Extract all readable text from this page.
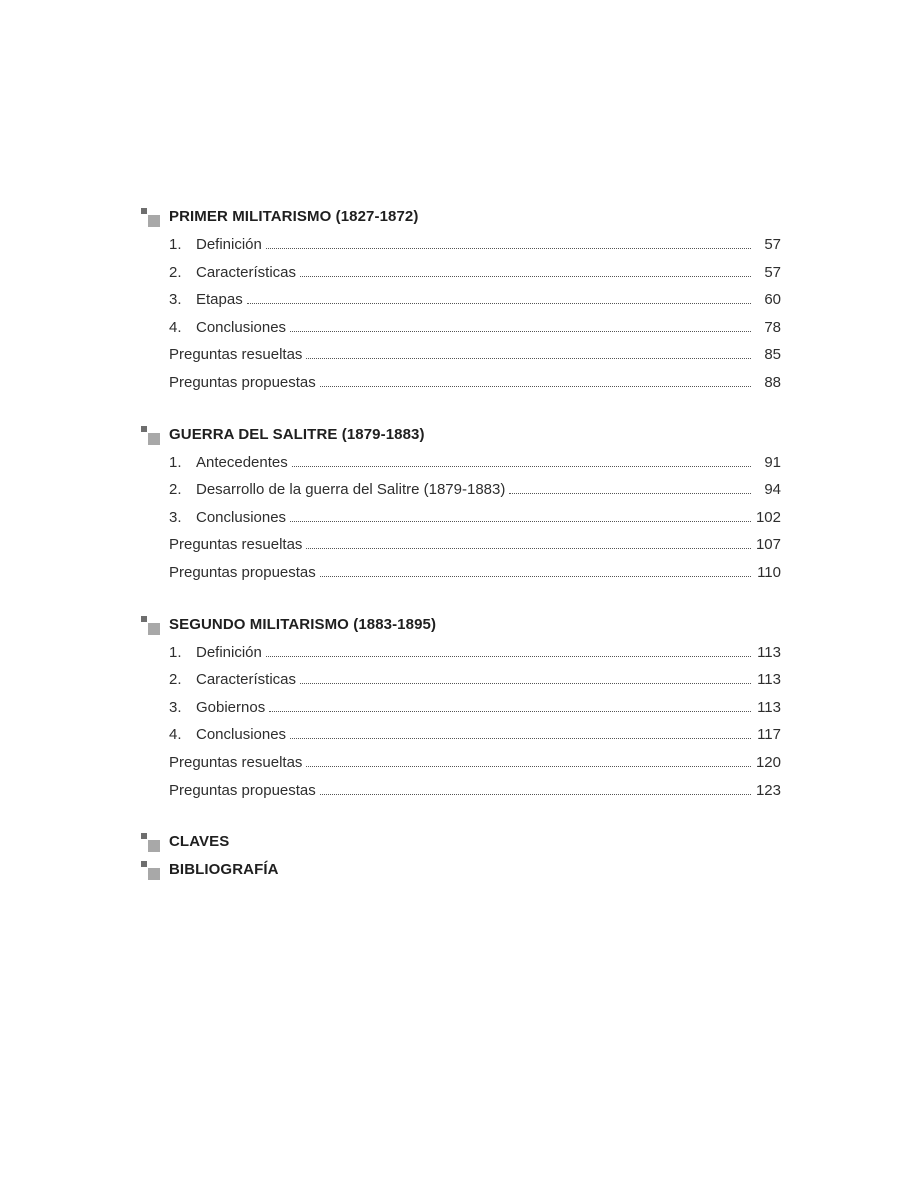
PRIMER MILITARISMO (1827-1872)
1. Definición	57
2. Características	57
3. Etapas	60
4. Conclusiones	78
Preguntas resueltas	85
Preguntas propuestas	88
GUERRA DEL SALITRE (1879-1883)
1. Antecedentes	91
2. Desarrollo de la guerra del Salitre (1879-1883)	94
3. Conclusiones	102
Preguntas resueltas	107
Preguntas propuestas	110
SEGUNDO MILITARISMO (1883-1895)
1. Definición	113
2. Características	113
3. Gobiernos	113
4. Conclusiones	117
Preguntas resueltas	120
Preguntas propuestas	123
CLAVES
BIBLIOGRAFÍA
